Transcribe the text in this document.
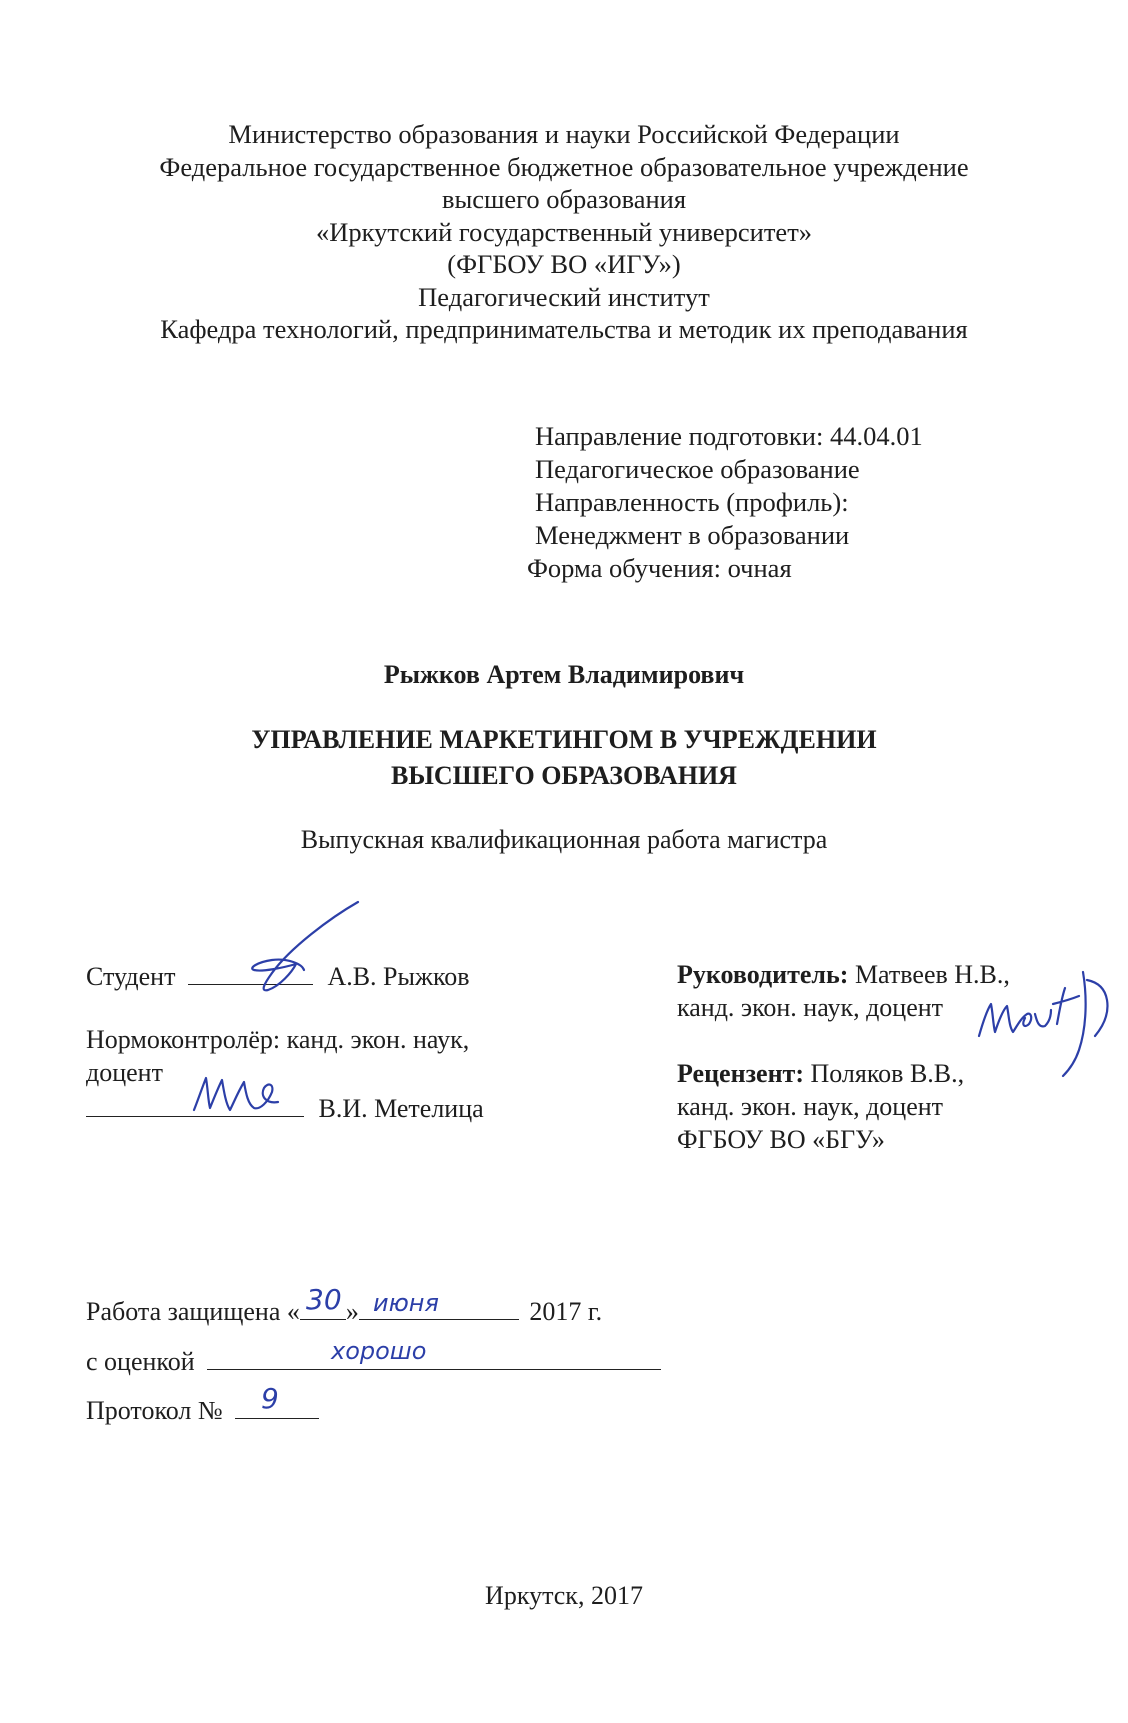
Министерство образования и науки Российской Федерации
Федеральное государственное бюджетное образовательное учреждение
высшего образования
«Иркутский государственный университет»
(ФГБОУ ВО «ИГУ»)
Педагогический институт
Кафедра технологий, предпринимательства и методик их преподавания
Направление подготовки: 44.04.01
Педагогическое образование
Направленность (профиль):
Менеджмент в образовании
Форма обучения: очная
Рыжков Артем Владимирович
УПРАВЛЕНИЕ МАРКЕТИНГОМ В УЧРЕЖДЕНИИ
ВЫСШЕГО ОБРАЗОВАНИЯ
Выпускная квалификационная работа магистра
Студент	А.В. Рыжков
Нормоконтролёр: канд. экон. наук,
доцент
В.И. Метелица
Руководитель: Матвеев Н.В.,
канд. экон. наук, доцент
Рецензент: Поляков В.В.,
канд. экон. наук, доцент
ФГБОУ ВО «БГУ»
Работа защищена « 30 » июня	2017 г.
с оценкой	хорошо
Протокол № 9
Иркутск, 2017
